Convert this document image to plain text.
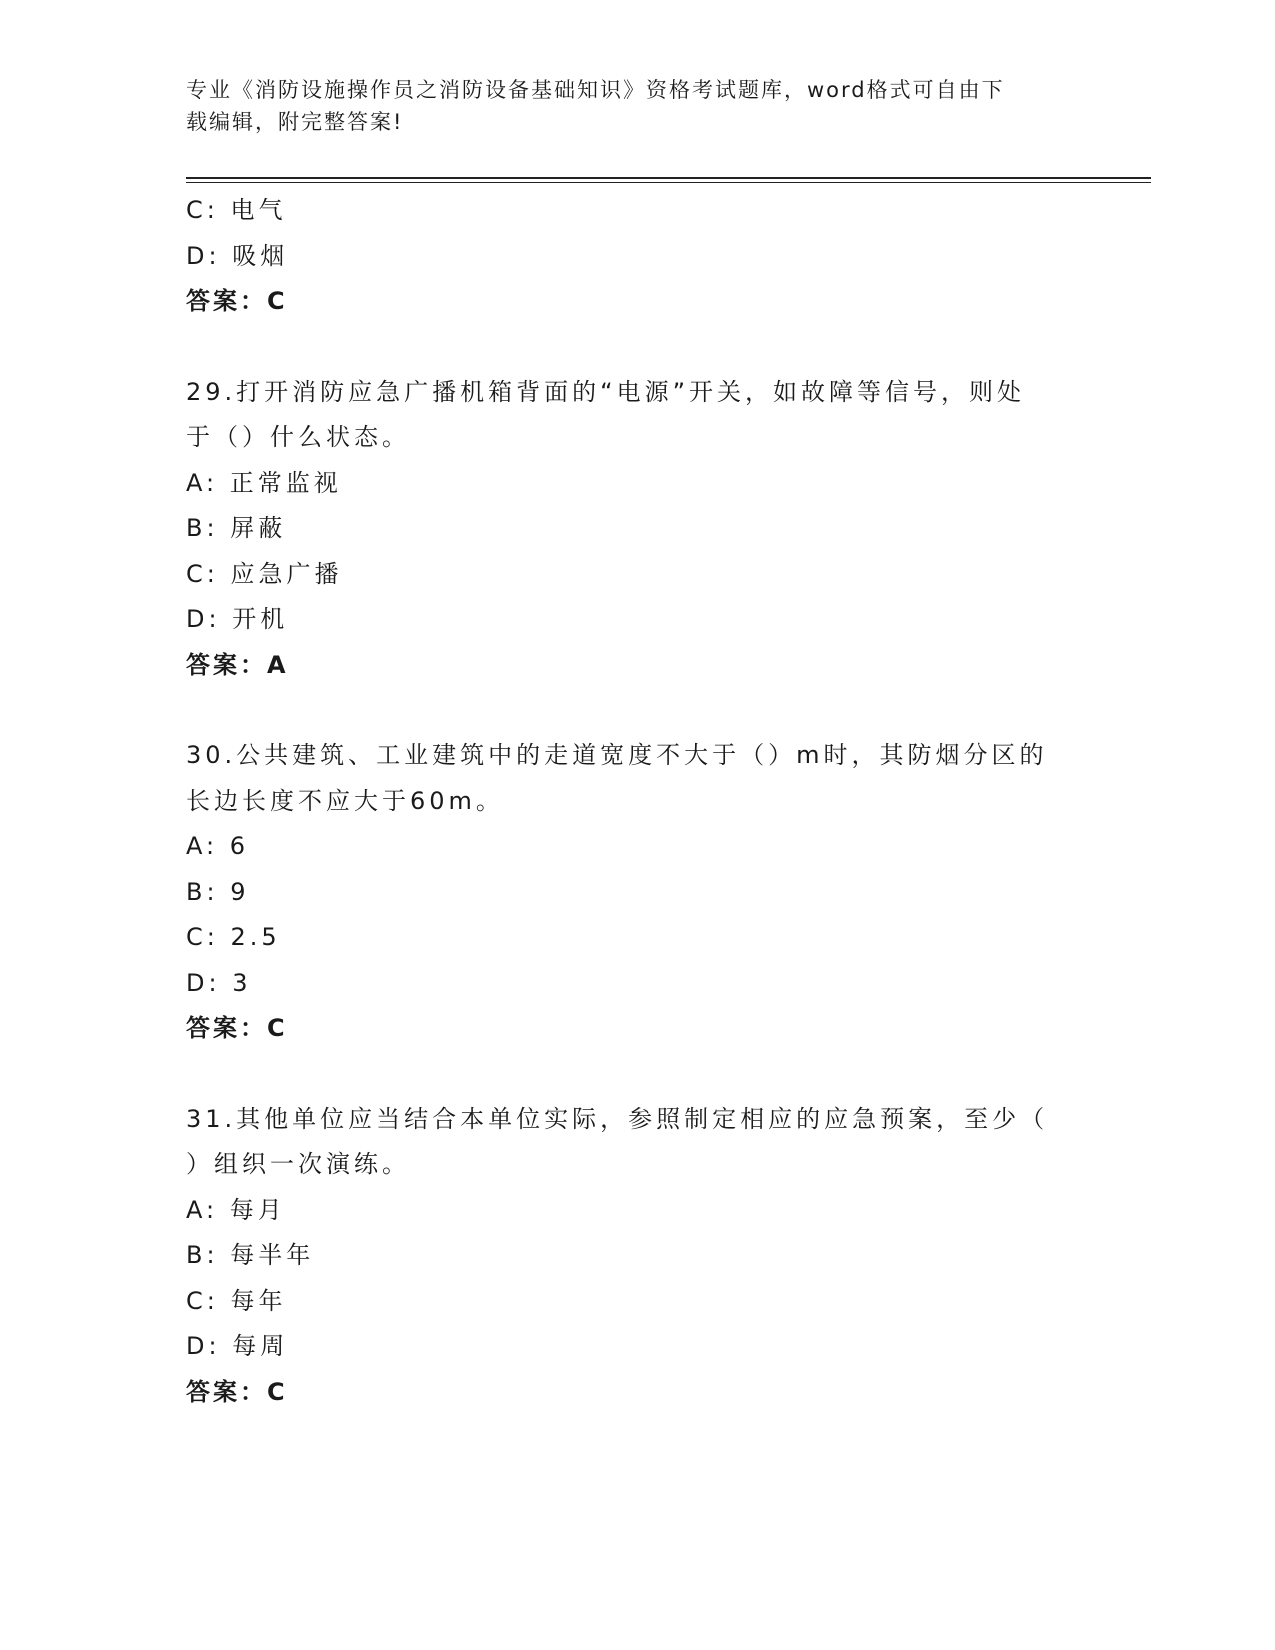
专业《消防设施操作员之消防设备基础知识》资格考试题库，word格式可自由下
载编辑，附完整答案!
C: 电气
D: 吸烟
答案：C
29.打开消防应急广播机箱背面的“电源”开关，如故障等信号，则处
于（）什么状态。
A: 正常监视
B: 屏蔽
C: 应急广播
D: 开机
答案：A
30.公共建筑、工业建筑中的走道宽度不大于（）m时，其防烟分区的
长边长度不应大于60m。
A: 6
B: 9
C: 2.5
D: 3
答案：C
31.其他单位应当结合本单位实际，参照制定相应的应急预案，至少（
）组织一次演练。
A: 每月
B: 每半年
C: 每年
D: 每周
答案：C
